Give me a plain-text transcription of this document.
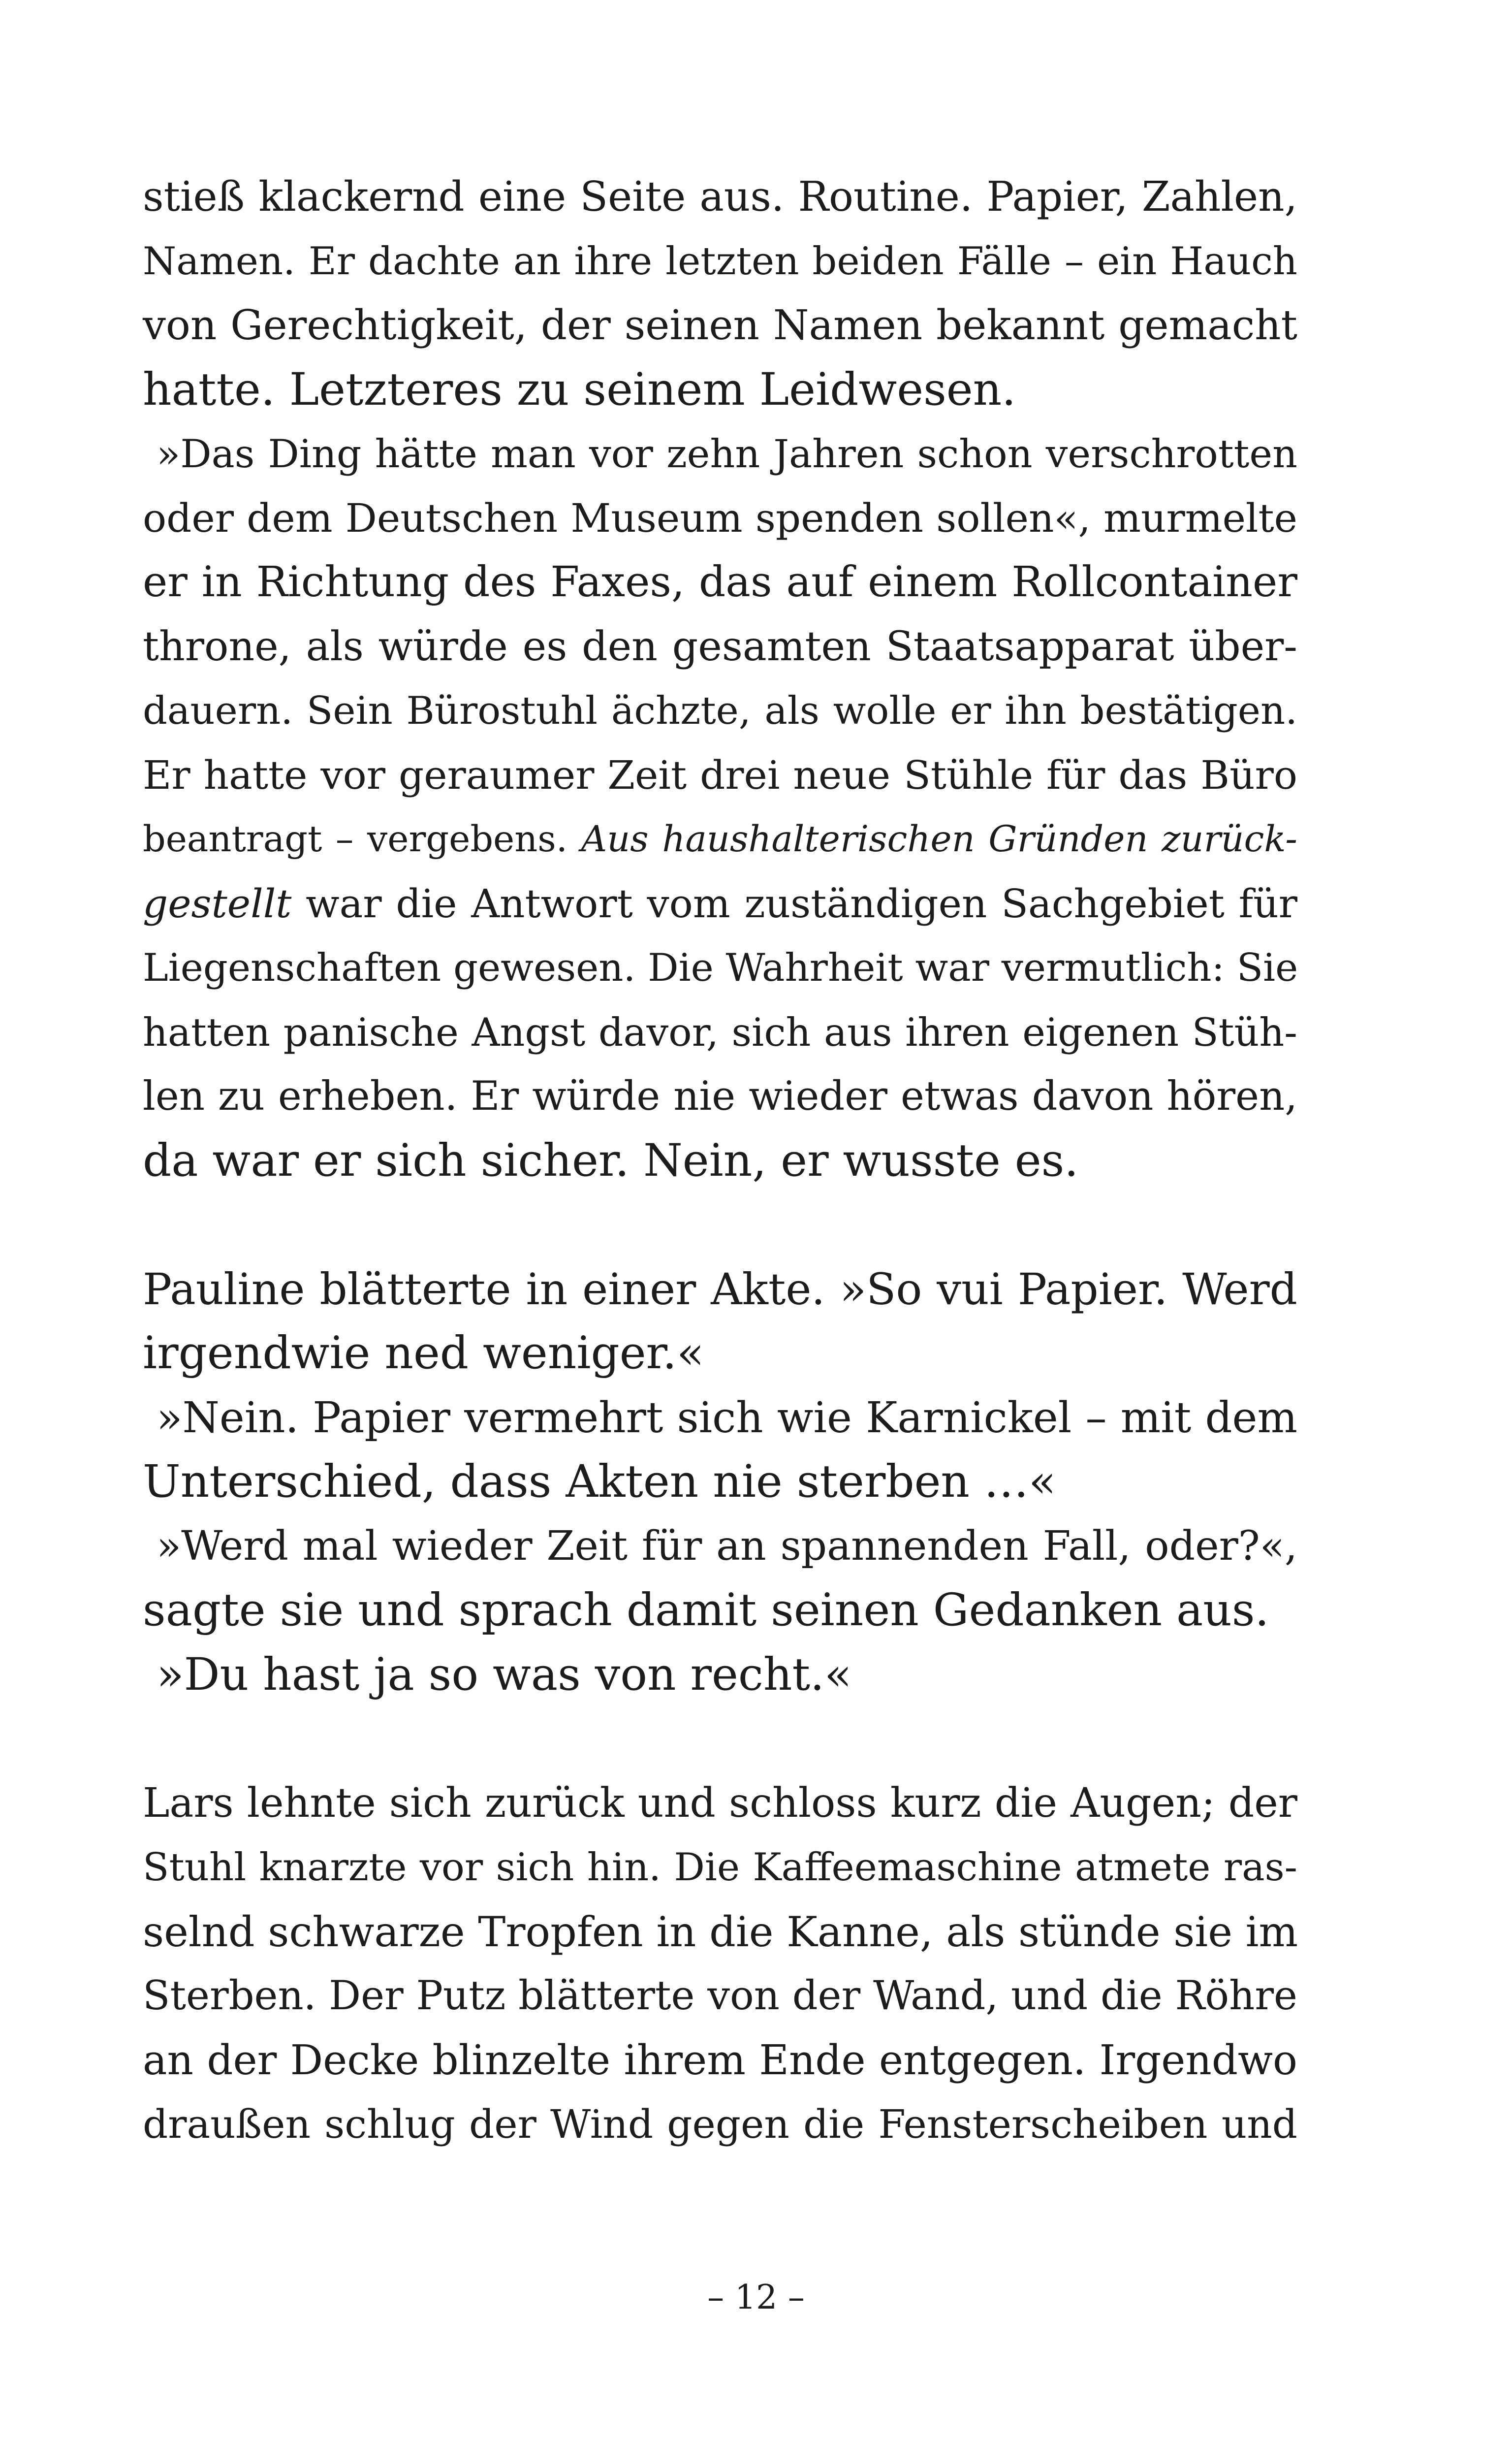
stieß klackernd eine Seite aus. Routine. Papier, Zahlen,
Namen. Er dachte an ihre letzten beiden Fälle – ein Hauch
von Gerechtigkeit, der seinen Namen bekannt gemacht
hatte. Letzteres zu seinem Leidwesen.
»Das Ding hätte man vor zehn Jahren schon verschrotten
oder dem Deutschen Museum spenden sollen«, murmelte
er in Richtung des Faxes, das auf einem Rollcontainer
throne, als würde es den gesamten Staatsapparat über-
dauern. Sein Bürostuhl ächzte, als wolle er ihn bestätigen.
Er hatte vor geraumer Zeit drei neue Stühle für das Büro
beantragt – vergebens. Aus haushalterischen Gründen zurück-
gestellt war die Antwort vom zuständigen Sachgebiet für
Liegenschaften gewesen. Die Wahrheit war vermutlich: Sie
hatten panische Angst davor, sich aus ihren eigenen Stüh-
len zu erheben. Er würde nie wieder etwas davon hören,
da war er sich sicher. Nein, er wusste es.
Pauline blätterte in einer Akte. »So vui Papier. Werd
irgendwie ned weniger.«
»Nein. Papier vermehrt sich wie Karnickel – mit dem
Unterschied, dass Akten nie sterben …«
»Werd mal wieder Zeit für an spannenden Fall, oder?«,
sagte sie und sprach damit seinen Gedanken aus.
»Du hast ja so was von recht.«
Lars lehnte sich zurück und schloss kurz die Augen; der
Stuhl knarzte vor sich hin. Die Kaffeemaschine atmete ras-
selnd schwarze Tropfen in die Kanne, als stünde sie im
Sterben. Der Putz blätterte von der Wand, und die Röhre
an der Decke blinzelte ihrem Ende entgegen. Irgendwo
draußen schlug der Wind gegen die Fensterscheiben und
– 12 –
